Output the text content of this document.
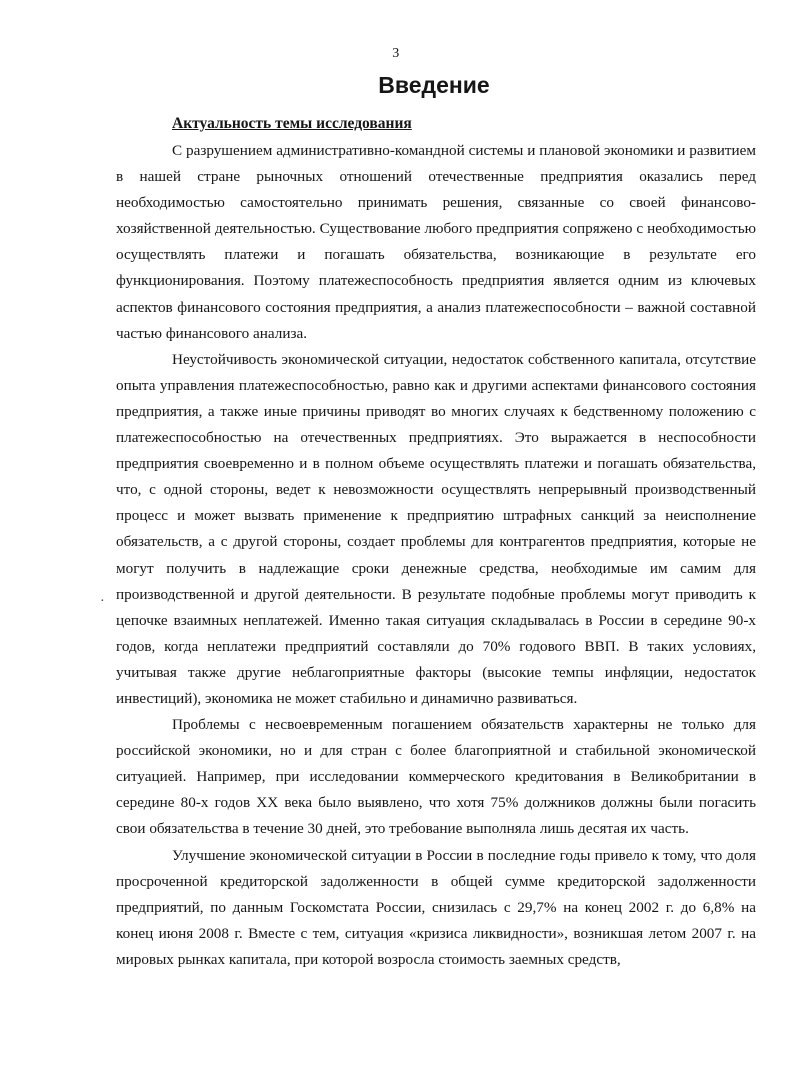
3
Введение
Актуальность темы исследования
·

С разрушением административно-командной системы и плановой экономики и развитием в нашей стране рыночных отношений отечественные предприятия оказались перед необходимостью самостоятельно принимать решения, связанные со своей финансово-хозяйственной деятельностью. Существование любого предприятия сопряжено с необходимостью осуществлять платежи и погашать обязательства, возникающие в результате его функционирования. Поэтому платежеспособность предприятия является одним из ключевых аспектов финансового состояния предприятия, а анализ платежеспособности – важной составной частью финансового анализа.

Неустойчивость экономической ситуации, недостаток собственного капитала, отсутствие опыта управления платежеспособностью, равно как и другими аспектами финансового состояния предприятия, а также иные причины приводят во многих случаях к бедственному положению с платежеспособностью на отечественных предприятиях. Это выражается в неспособности предприятия своевременно и в полном объеме осуществлять платежи и погашать обязательства, что, с одной стороны, ведет к невозможности осуществлять непрерывный производственный процесс и может вызвать применение к предприятию штрафных санкций за неисполнение обязательств, а с другой стороны, создает проблемы для контрагентов предприятия, которые не могут получить в надлежащие сроки денежные средства, необходимые им самим для производственной и другой деятельности. В результате подобные проблемы могут приводить к цепочке взаимных неплатежей. Именно такая ситуация складывалась в России в середине 90-х годов, когда неплатежи предприятий составляли до 70% годового ВВП. В таких условиях, учитывая также другие неблагоприятные факторы (высокие темпы инфляции, недостаток инвестиций), экономика не может стабильно и динамично развиваться.

Проблемы с несвоевременным погашением обязательств характерны не только для российской экономики, но и для стран с более благоприятной и стабильной экономической ситуацией. Например, при исследовании коммерческого кредитования в Великобритании в середине 80-х годов XX века было выявлено, что хотя 75% должников должны были погасить свои обязательства в течение 30 дней, это требование выполняла лишь десятая их часть.

Улучшение экономической ситуации в России в последние годы привело к тому, что доля просроченной кредиторской задолженности в общей сумме кредиторской задолженности предприятий, по данным Госкомстата России, снизилась с 29,7% на конец 2002 г. до 6,8% на конец июня 2008 г. Вместе с тем, ситуация «кризиса ликвидности», возникшая летом 2007 г. на мировых рынках капитала, при которой возросла стоимость заемных средств,
